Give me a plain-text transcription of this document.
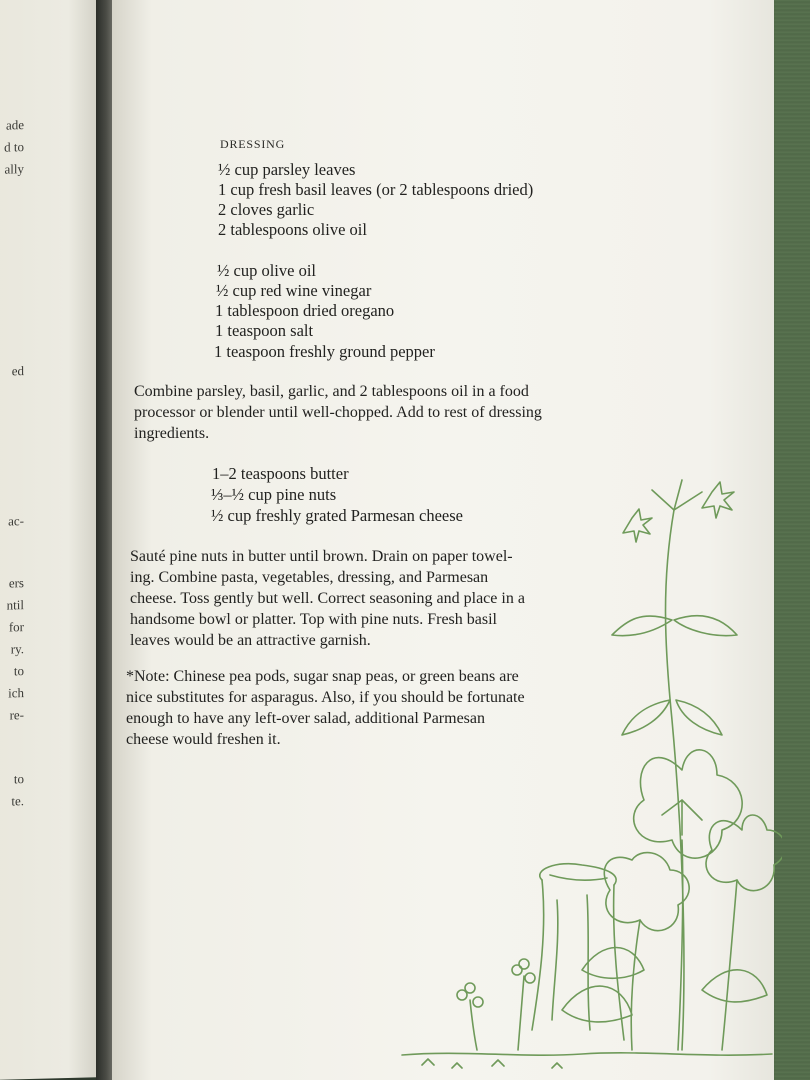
ade
d to
ally
ed
ac-
ers
ntil
for
ry.
to
ich
re-
to
te.
DRESSING
½ cup parsley leaves
1 cup fresh basil leaves (or 2 tablespoons dried)
2 cloves garlic
2 tablespoons olive oil
½ cup olive oil
½ cup red wine vinegar
1 tablespoon dried oregano
1 teaspoon salt
1 teaspoon freshly ground pepper
Combine parsley, basil, garlic, and 2 tablespoons oil in a food
processor or blender until well-chopped. Add to rest of dressing
ingredients.
1–2 teaspoons butter
⅓–½ cup pine nuts
½ cup freshly grated Parmesan cheese
Sauté pine nuts in butter until brown. Drain on paper towel-
ing. Combine pasta, vegetables, dressing, and Parmesan
cheese. Toss gently but well. Correct seasoning and place in a
handsome bowl or platter. Top with pine nuts. Fresh basil
leaves would be an attractive garnish.
*Note: Chinese pea pods, sugar snap peas, or green beans are
nice substitutes for asparagus. Also, if you should be fortunate
enough to have any left-over salad, additional Parmesan
cheese would freshen it.
